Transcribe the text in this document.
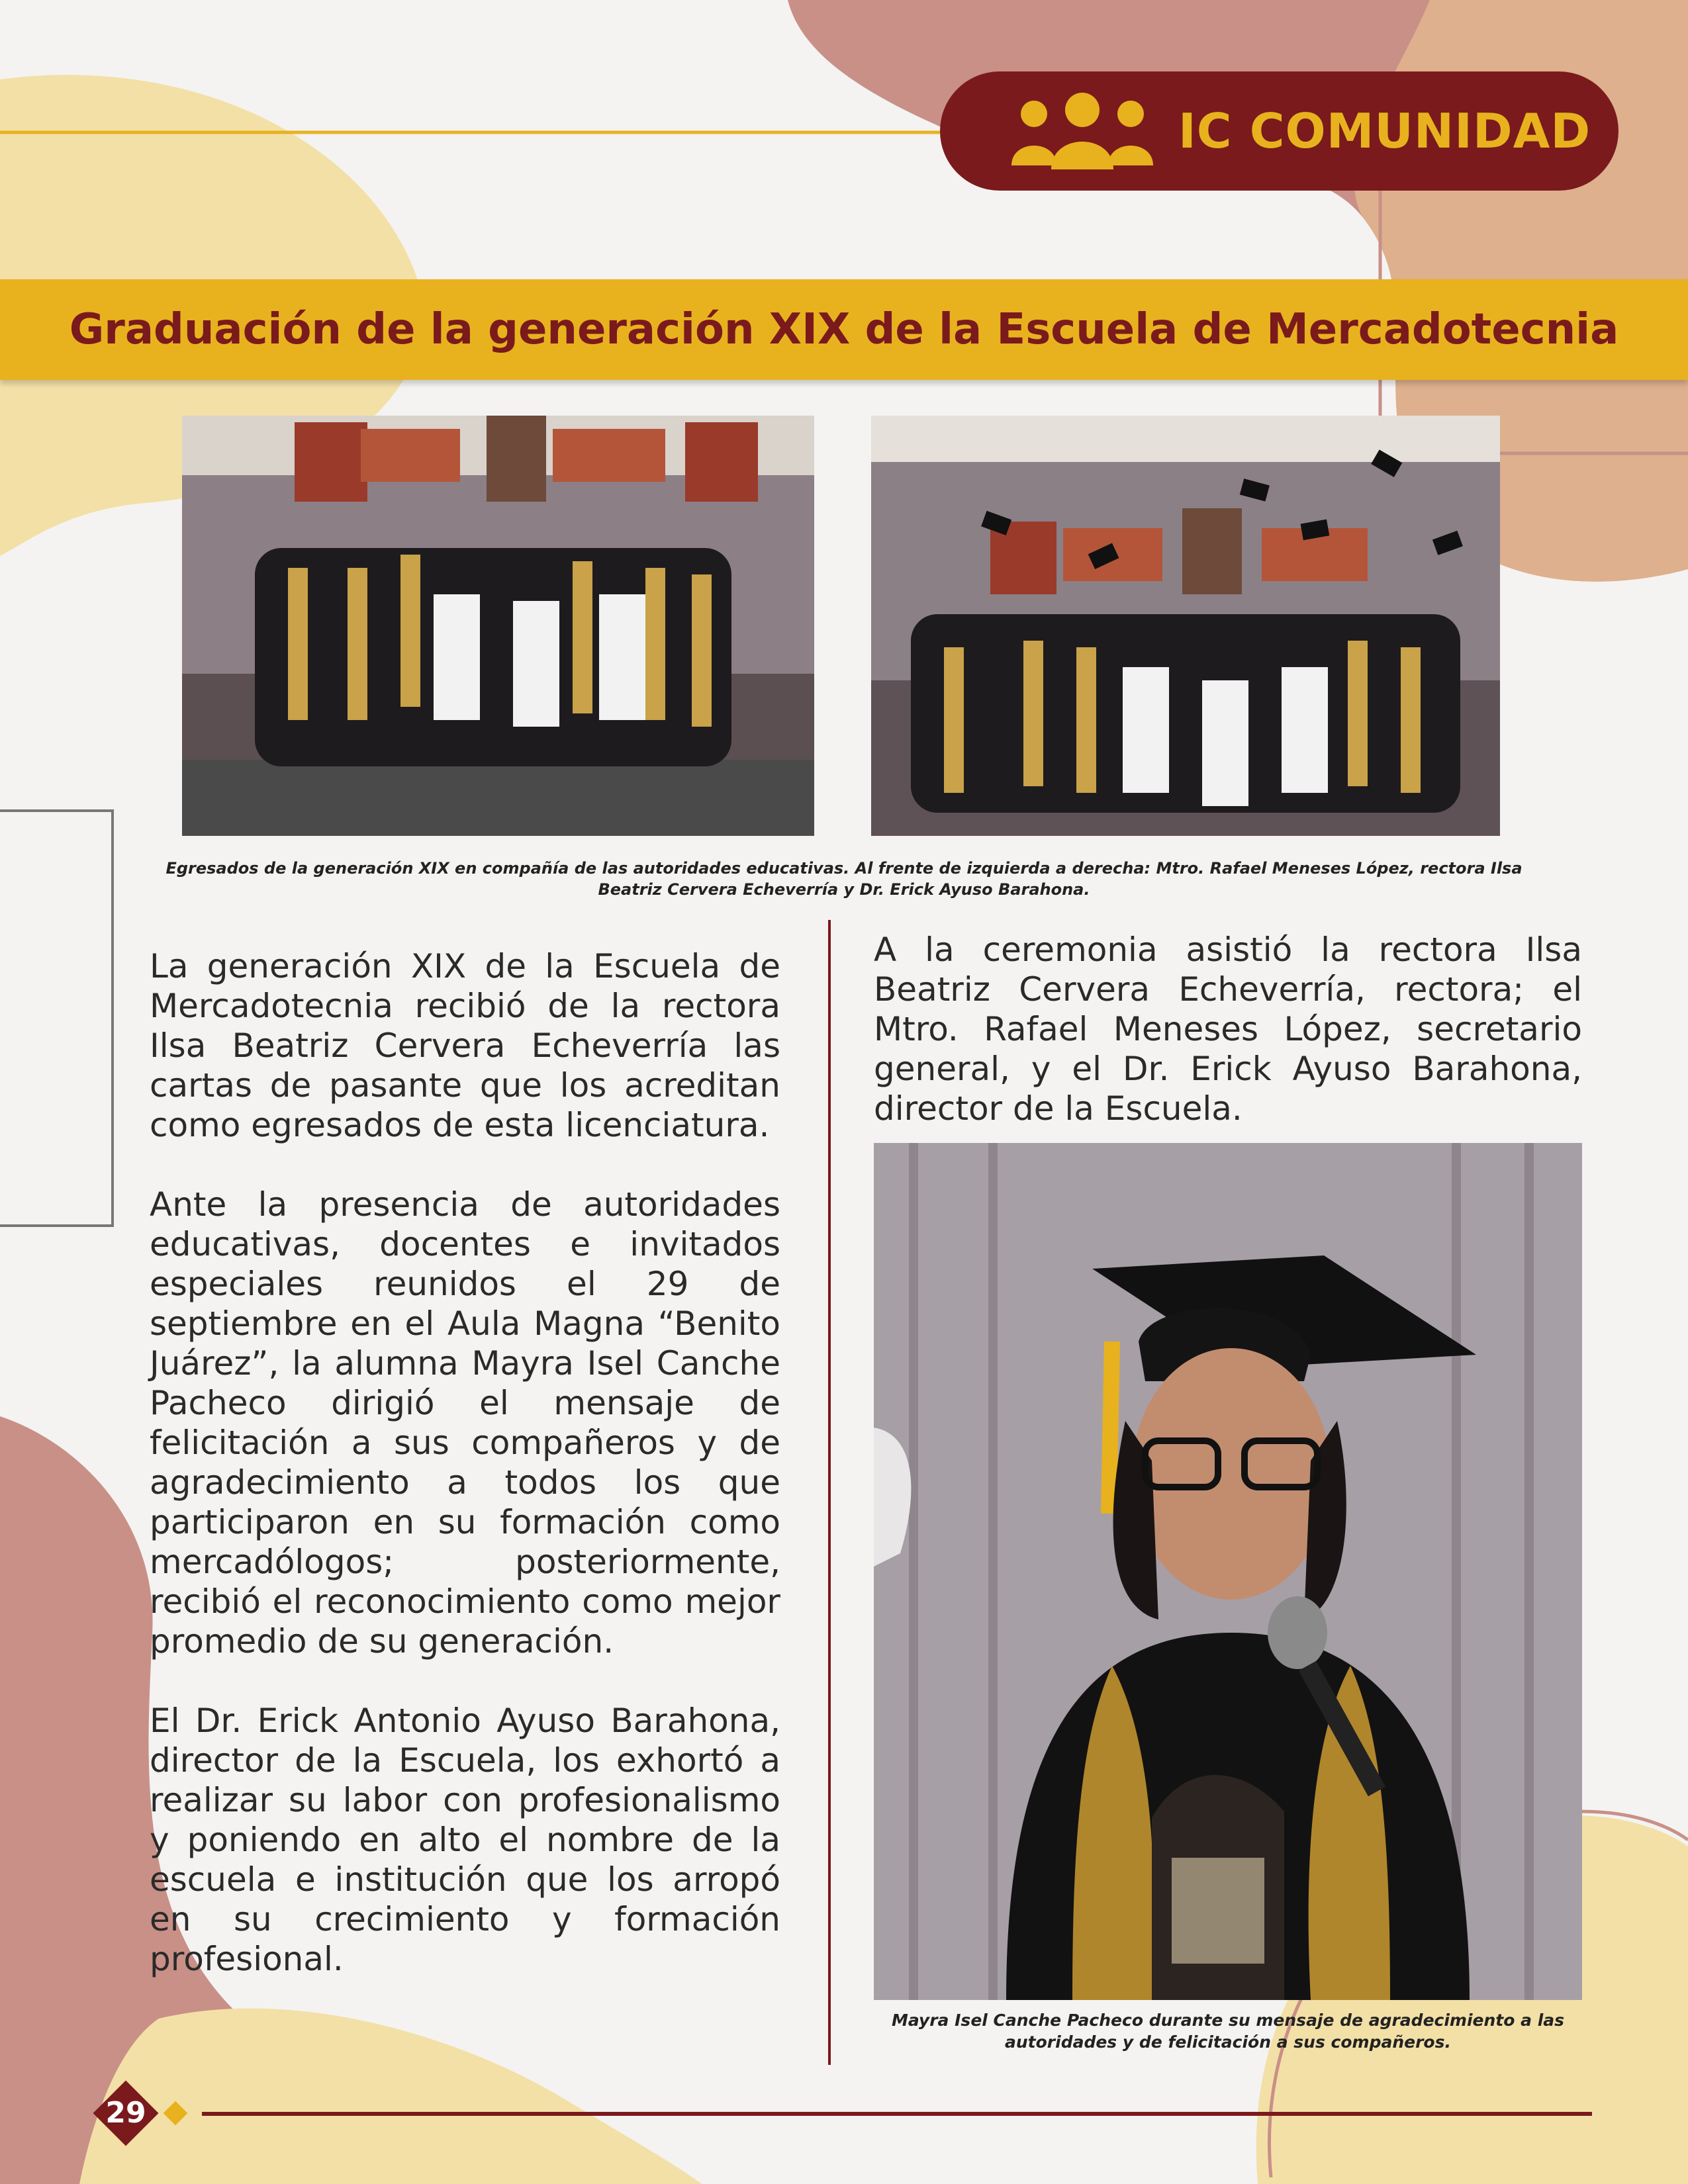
IC COMUNIDAD
Graduación de la generación XIX de la Escuela de Mercadotecnia
Egresados de la generación XIX en compañía de las autoridades educativas. Al frente de izquierda a derecha: Mtro. Rafael Meneses López, rectora Ilsa Beatriz Cervera Echeverría y Dr. Erick Ayuso Barahona.

La generación XIX de la Escuela de Mercadotecnia recibió de la rectora Ilsa Beatriz Cervera Echeverría las cartas de pasante que los acreditan como egresados de esta licenciatura.

Ante la presencia de autoridades educativas, docentes e invitados especiales reunidos el 29 de septiembre en el Aula Magna “Benito Juárez”, la alumna Mayra Isel Canche Pacheco dirigió el mensaje de felicitación a sus compañeros y de agradecimiento a todos los que participaron en su formación como mercadólogos; posteriormente, recibió el reconocimiento como mejor promedio de su generación.

El Dr. Erick Antonio Ayuso Barahona, director de la Escuela, los exhortó a realizar su labor con profesionalismo y poniendo en alto el nombre de la escuela e institución que los arropó en su crecimiento y formación profesional.

A la ceremonia asistió la rectora Ilsa Beatriz Cervera Echeverría, rectora; el Mtro. Rafael Meneses López, secretario general, y el Dr. Erick Ayuso Barahona, director de la Escuela.

Mayra Isel Canche Pacheco durante su mensaje de agradecimiento a las autoridades y de felicitación a sus compañeros.
29
